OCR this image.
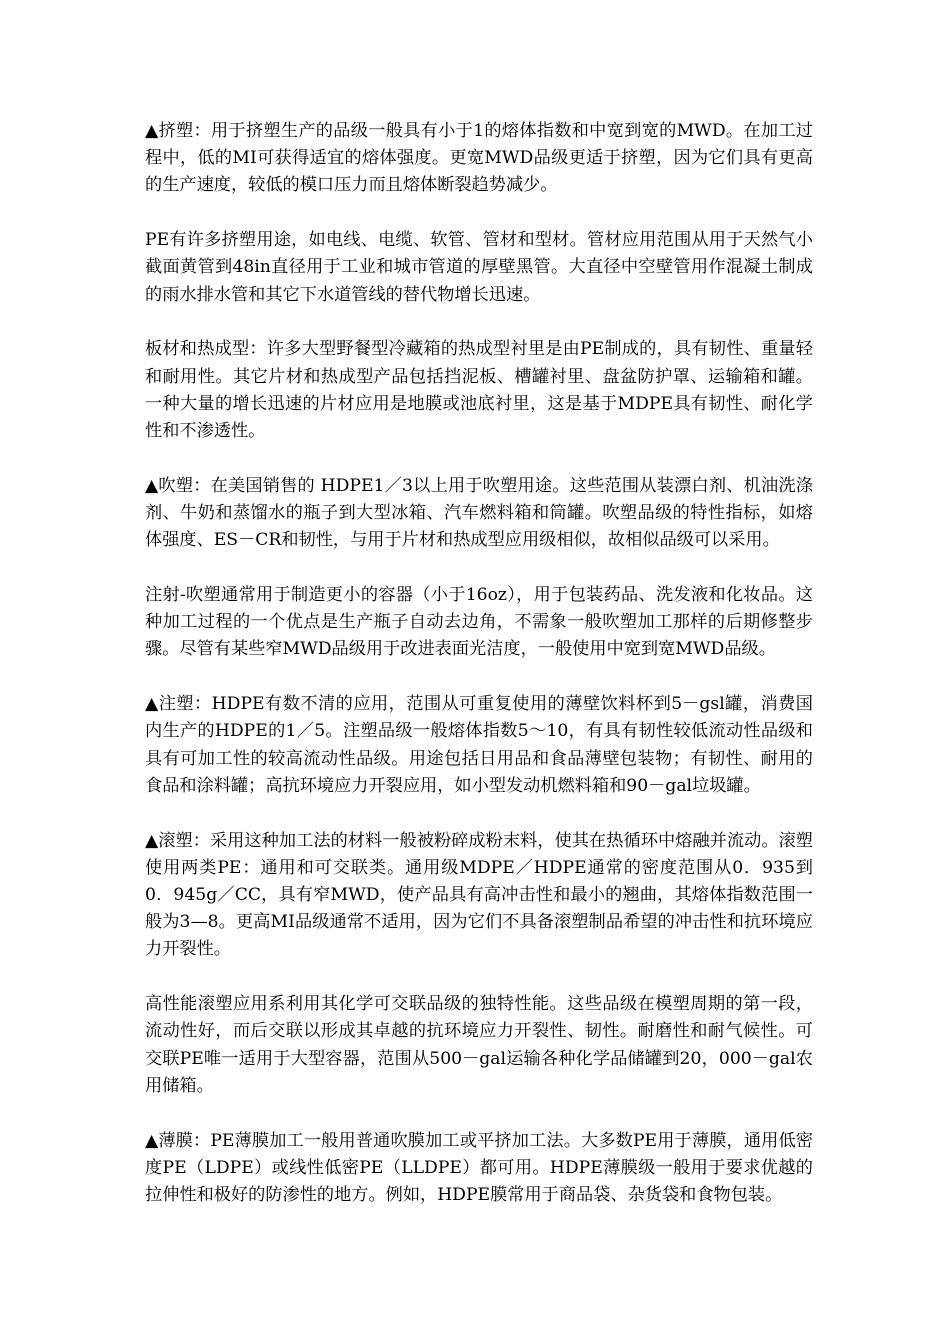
▲挤塑：用于挤塑生产的品级一般具有小于1的熔体指数和中宽到宽的MWD。在加工过程中，低的MI可获得适宜的熔体强度。更宽MWD品级更适于挤塑，因为它们具有更高的生产速度，较低的模口压力而且熔体断裂趋势减少。

PE有许多挤塑用途，如电线、电缆、软管、管材和型材。管材应用范围从用于天然气小截面黄管到48in直径用于工业和城市管道的厚壁黑管。大直径中空壁管用作混凝土制成的雨水排水管和其它下水道管线的替代物增长迅速。

板材和热成型：许多大型野餐型冷藏箱的热成型衬里是由PE制成的，具有韧性、重量轻和耐用性。其它片材和热成型产品包括挡泥板、槽罐衬里、盘盆防护罩、运输箱和罐。一种大量的增长迅速的片材应用是地膜或池底衬里，这是基于MDPE具有韧性、耐化学性和不渗透性。

▲吹塑：在美国销售的 HDPE1／3以上用于吹塑用途。这些范围从装漂白剂、机油洗涤剂、牛奶和蒸馏水的瓶子到大型冰箱、汽车燃料箱和筒罐。吹塑品级的特性指标，如熔体强度、ES－CR和韧性，与用于片材和热成型应用级相似，故相似品级可以采用。

注射-吹塑通常用于制造更小的容器（小于16oz），用于包装药品、洗发液和化妆品。这种加工过程的一个优点是生产瓶子自动去边角，不需象一般吹塑加工那样的后期修整步骤。尽管有某些窄MWD品级用于改进表面光洁度，一般使用中宽到宽MWD品级。

▲注塑：HDPE有数不清的应用，范围从可重复使用的薄壁饮料杯到5－gsl罐，消费国内生产的HDPE的1／5。注塑品级一般熔体指数5～10，有具有韧性较低流动性品级和具有可加工性的较高流动性品级。用途包括日用品和食品薄壁包装物；有韧性、耐用的食品和涂料罐；高抗环境应力开裂应用，如小型发动机燃料箱和90－gal垃圾罐。

▲滚塑：采用这种加工法的材料一般被粉碎成粉末料，使其在热循环中熔融并流动。滚塑使用两类PE：通用和可交联类。通用级MDPE／HDPE通常的密度范围从0．935到 0．945g／CC，具有窄MWD，使产品具有高冲击性和最小的翘曲，其熔体指数范围一般为3—8。更高MI品级通常不适用，因为它们不具备滚塑制品希望的冲击性和抗环境应力开裂性。

高性能滚塑应用系利用其化学可交联品级的独特性能。这些品级在模塑周期的第一段，流动性好，而后交联以形成其卓越的抗环境应力开裂性、韧性。耐磨性和耐气候性。可交联PE唯一适用于大型容器，范围从500－gal运输各种化学品储罐到20，000－gal农用储箱。

▲薄膜：PE薄膜加工一般用普通吹膜加工或平挤加工法。大多数PE用于薄膜，通用低密度PE（LDPE）或线性低密PE（LLDPE）都可用。HDPE薄膜级一般用于要求优越的拉伸性和极好的防渗性的地方。例如，HDPE膜常用于商品袋、杂货袋和食物包装。
